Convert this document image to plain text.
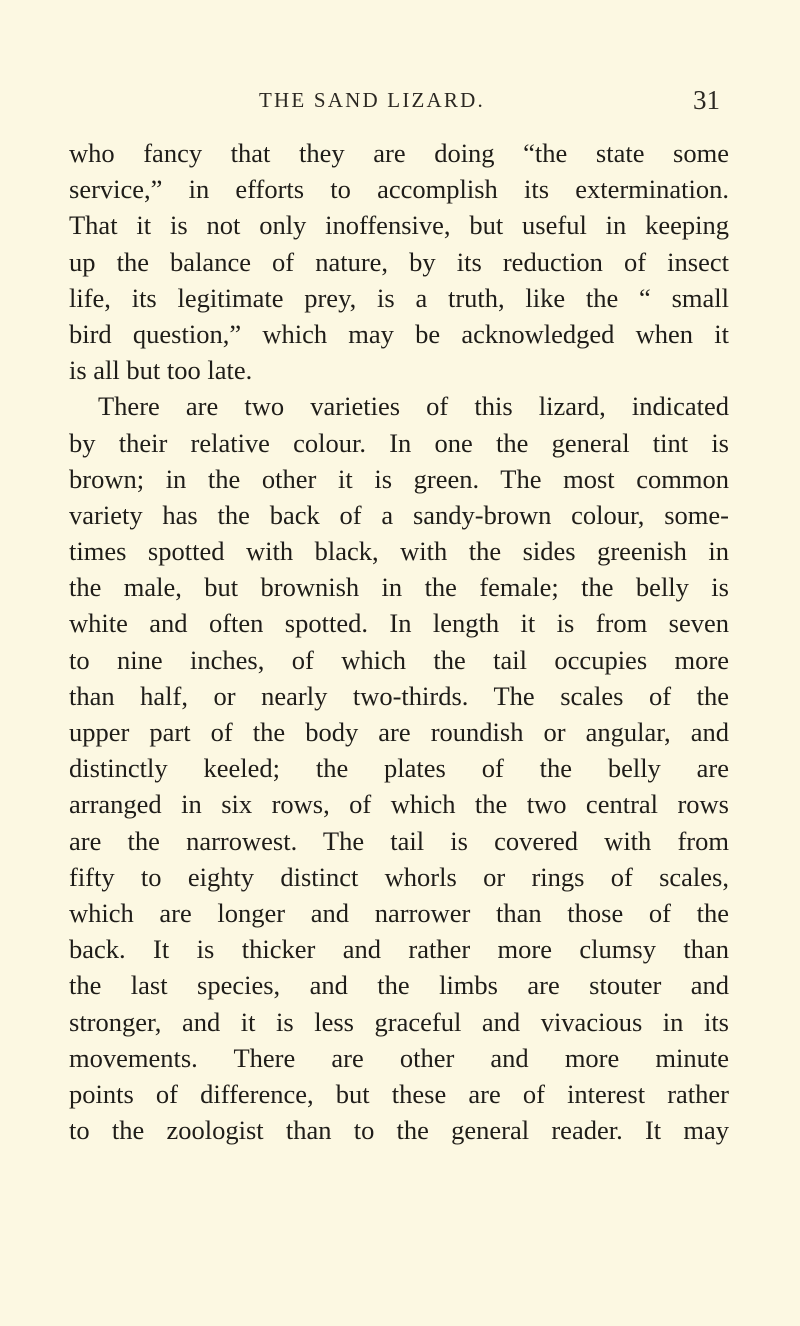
THE SAND LIZARD.	31
who fancy that they are doing “the state some
service,” in efforts to accomplish its extermination.
That it is not only inoffensive, but useful in keeping
up the balance of nature, by its reduction of insect
life, its legitimate prey, is a truth, like the “ small
bird question,” which may be acknowledged when it
is all but too late.
There are two varieties of this lizard, indicated
by their relative colour. In one the general tint is
brown; in the other it is green. The most common
variety has the back of a sandy-brown colour, some-
times spotted with black, with the sides greenish in
the male, but brownish in the female; the belly is
white and often spotted. In length it is from seven
to nine inches, of which the tail occupies more
than half, or nearly two-thirds. The scales of the
upper part of the body are roundish or angular, and
distinctly keeled; the plates of the belly are
arranged in six rows, of which the two central rows
are the narrowest. The tail is covered with from
fifty to eighty distinct whorls or rings of scales,
which are longer and narrower than those of the
back. It is thicker and rather more clumsy than
the last species, and the limbs are stouter and
stronger, and it is less graceful and vivacious in its
movements. There are other and more minute
points of difference, but these are of interest rather
to the zoologist than to the general reader. It may
